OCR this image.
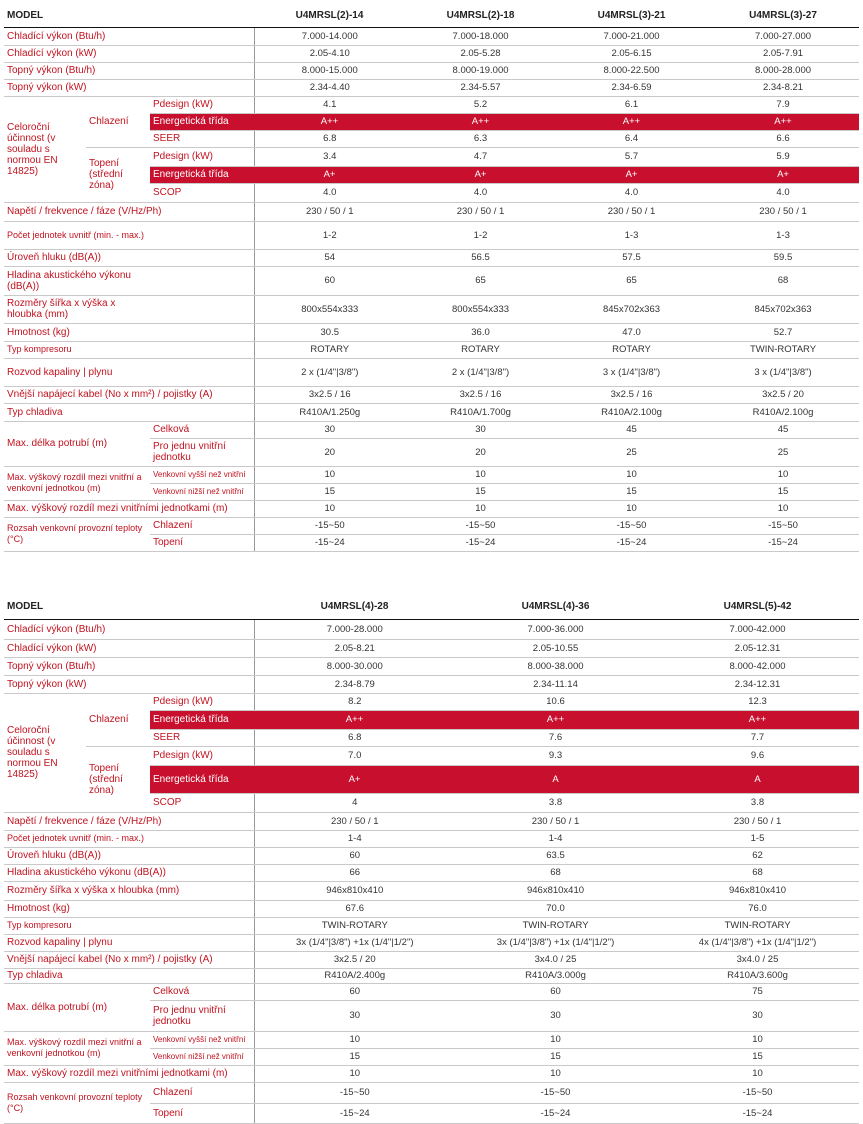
MODEL			U4MRSL(2)-14	U4MRSL(2)-18	U4MRSL(3)-21	U4MRSL(3)-27
Chladící výkon (Btu/h)			7.000-14.000	7.000-18.000	7.000-21.000	7.000-27.000
Chladící výkon (kW)			2.05-4.10	2.05-5.28	2.05-6.15	2.05-7.91
Topný výkon (Btu/h)			8.000-15.000	8.000-19.000	8.000-22.500	8.000-28.000
Topný výkon (kW)			2.34-4.40	2.34-5.57	2.34-6.59	2.34-8.21
Celoroční účinnost (v souladu s normou EN 14825)	Chlazení	Pdesign (kW)	4.1	5.2	6.1	7.9
		Energetická třída	A++	A++	A++	A++
		SEER	6.8	6.3	6.4	6.6
	Topení (střední zóna)	Pdesign (kW)	3.4	4.7	5.7	5.9
		Energetická třída	A+	A+	A+	A+
		SCOP	4.0	4.0	4.0	4.0
Napětí / frekvence / fáze (V/Hz/Ph)			230 / 50 / 1	230 / 50 / 1	230 / 50 / 1	230 / 50 / 1
Počet jednotek uvnitř (min. - max.)			1-2	1-2	1-3	1-3
Úroveň hluku (dB(A))			54	56.5	57.5	59.5
Hladina akustického výkonu (dB(A))			60	65	65	68
Rozměry šířka x výška x hloubka (mm)			800x554x333	800x554x333	845x702x363	845x702x363
Hmotnost (kg)			30.5	36.0	47.0	52.7
Typ kompresoru			ROTARY	ROTARY	ROTARY	TWIN-ROTARY
Rozvod kapaliny | plynu			2 x (1/4"|3/8")	2 x (1/4"|3/8")	3 x (1/4"|3/8")	3 x (1/4"|3/8")
Vnější napájecí kabel (No x mm²) / pojistky (A)			3x2.5 / 16	3x2.5 / 16	3x2.5 / 16	3x2.5 / 20
Typ chladiva			R410A/1.250g	R410A/1.700g	R410A/2.100g	R410A/2.100g
Max. délka potrubí (m)		Celková	30	30	45	45
		Pro jednu vnitřní jednotku	20	20	25	25
Max. výškový rozdíl mezi vnitřní a venkovní jednotkou (m)		Venkovní vyšší než vnitřní	10	10	10	10
		Venkovní nižší než vnitřní	15	15	15	15
Max. výškový rozdíl mezi vnitřními jednotkami (m)			10	10	10	10
Rozsah venkovní provozní teploty (°C)		Chlazení	-15~50	-15~50	-15~50	-15~50
		Topení	-15~24	-15~24	-15~24	-15~24
MODEL			U4MRSL(4)-28	U4MRSL(4)-36	U4MRSL(5)-42
Chladící výkon (Btu/h)			7.000-28.000	7.000-36.000	7.000-42.000
Chladící výkon (kW)			2.05-8.21	2.05-10.55	2.05-12.31
Topný výkon (Btu/h)			8.000-30.000	8.000-38.000	8.000-42.000
Topný výkon (kW)			2.34-8.79	2.34-11.14	2.34-12.31
Celoroční účinnost (v souladu s normou EN 14825)	Chlazení	Pdesign (kW)	8.2	10.6	12.3
		Energetická třída	A++	A++	A++
		SEER	6.8	7.6	7.7
	Topení (střední zóna)	Pdesign (kW)	7.0	9.3	9.6
		Energetická třída	A+	A	A
		SCOP	4	3.8	3.8
Napětí / frekvence / fáze (V/Hz/Ph)			230 / 50 / 1	230 / 50 / 1	230 / 50 / 1
Počet jednotek uvnitř (min. - max.)			1-4	1-4	1-5
Úroveň hluku (dB(A))			60	63.5	62
Hladina akustického výkonu (dB(A))			66	68	68
Rozměry šířka x výška x hloubka (mm)			946x810x410	946x810x410	946x810x410
Hmotnost (kg)			67.6	70.0	76.0
Typ kompresoru			TWIN-ROTARY	TWIN-ROTARY	TWIN-ROTARY
Rozvod kapaliny | plynu			3x (1/4"|3/8") +1x (1/4"|1/2")	3x (1/4"|3/8") +1x (1/4"|1/2")	4x (1/4"|3/8") +1x (1/4"|1/2")
Vnější napájecí kabel (No x mm²) / pojistky (A)			3x2.5 / 20	3x4.0 / 25	3x4.0 / 25
Typ chladiva			R410A/2.400g	R410A/3.000g	R410A/3.600g
Max. délka potrubí (m)		Celková	60	60	75
		Pro jednu vnitřní jednotku	30	30	30
Max. výškový rozdíl mezi vnitřní a venkovní jednotkou (m)		Venkovní vyšší než vnitřní	10	10	10
		Venkovní nižší než vnitřní	15	15	15
Max. výškový rozdíl mezi vnitřními jednotkami (m)			10	10	10
Rozsah venkovní provozní teploty (°C)		Chlazení	-15~50	-15~50	-15~50
		Topení	-15~24	-15~24	-15~24
